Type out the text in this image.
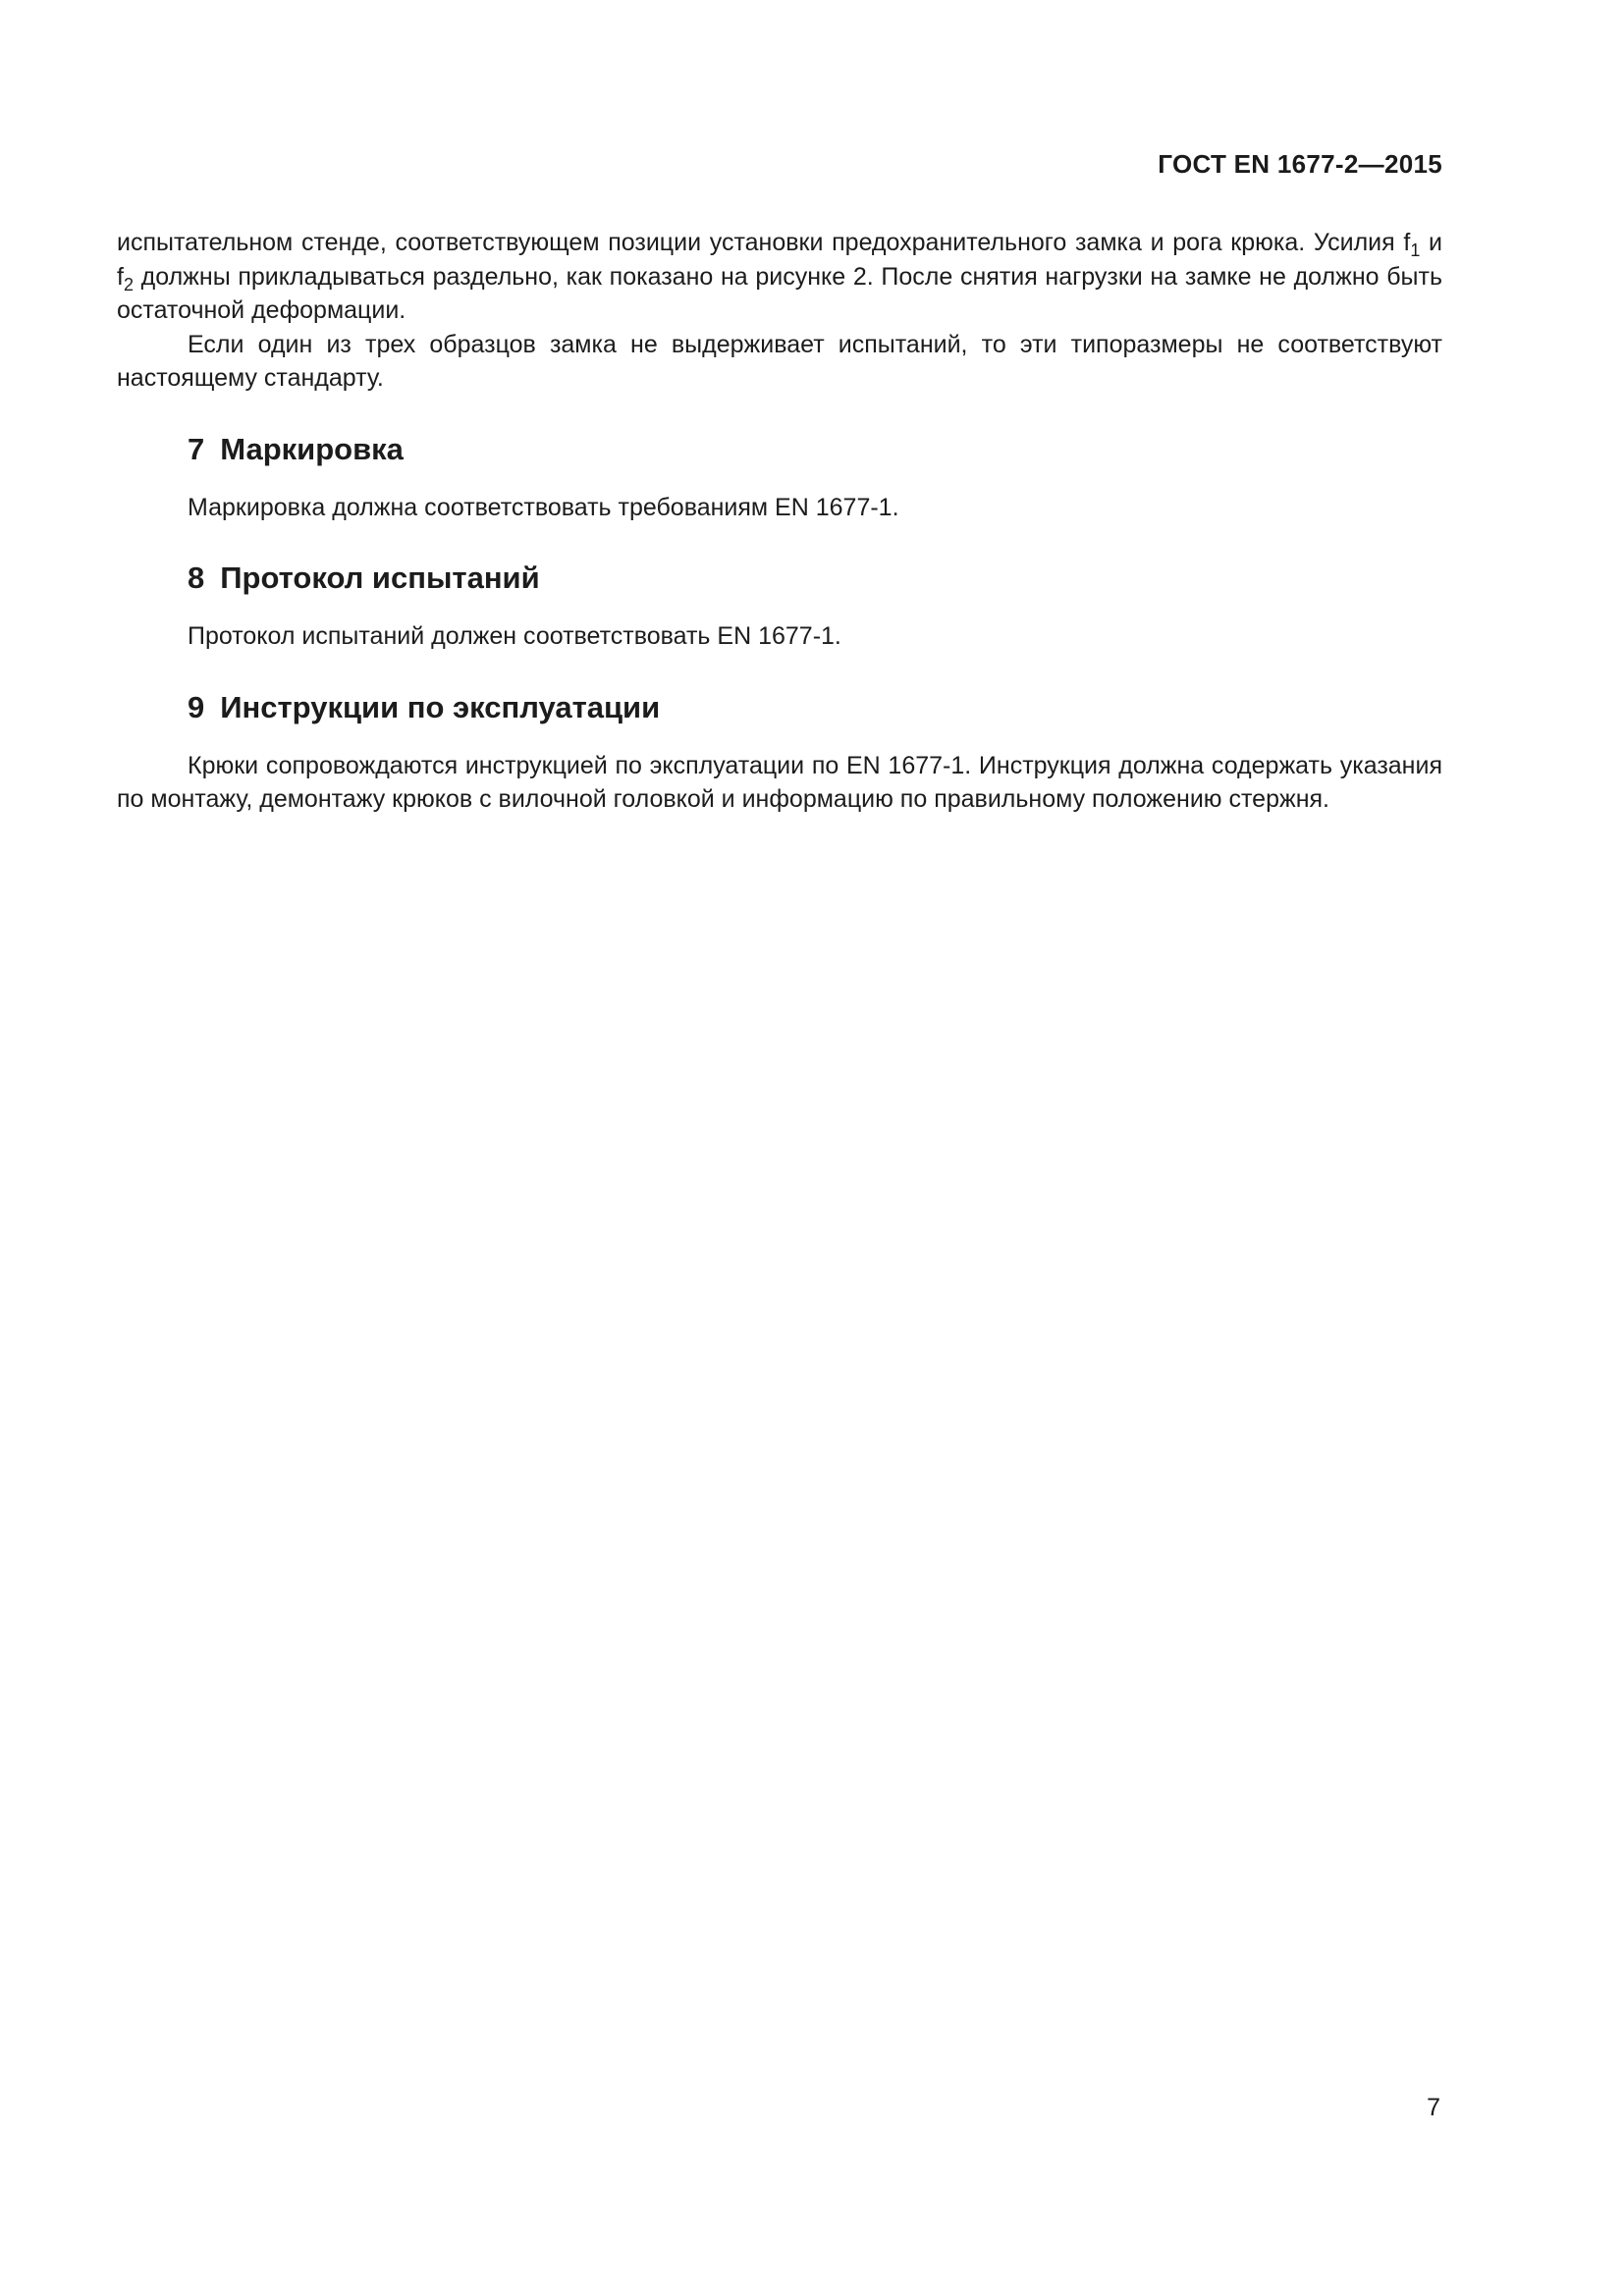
ГОСТ EN 1677-2—2015

испытательном стенде, соответствующем позиции установки предохранительного замка и рога крюка. Усилия $f_1$ и $f_2$ должны прикладываться раздельно, как показано на рисунке 2. После снятия нагрузки на замке не должно быть остаточной деформации.

Если один из трех образцов замка не выдерживает испытаний, то эти типоразмеры не соответствуют настоящему стандарту.

7 Маркировка

Маркировка должна соответствовать требованиям EN 1677-1.

8 Протокол испытаний

Протокол испытаний должен соответствовать EN 1677-1.

9 Инструкции по эксплуатации

Крюки сопровождаются инструкцией по эксплуатации по EN 1677-1. Инструкция должна содержать указания по монтажу, демонтажу крюков с вилочной головкой и информацию по правильному положению стержня.

7
